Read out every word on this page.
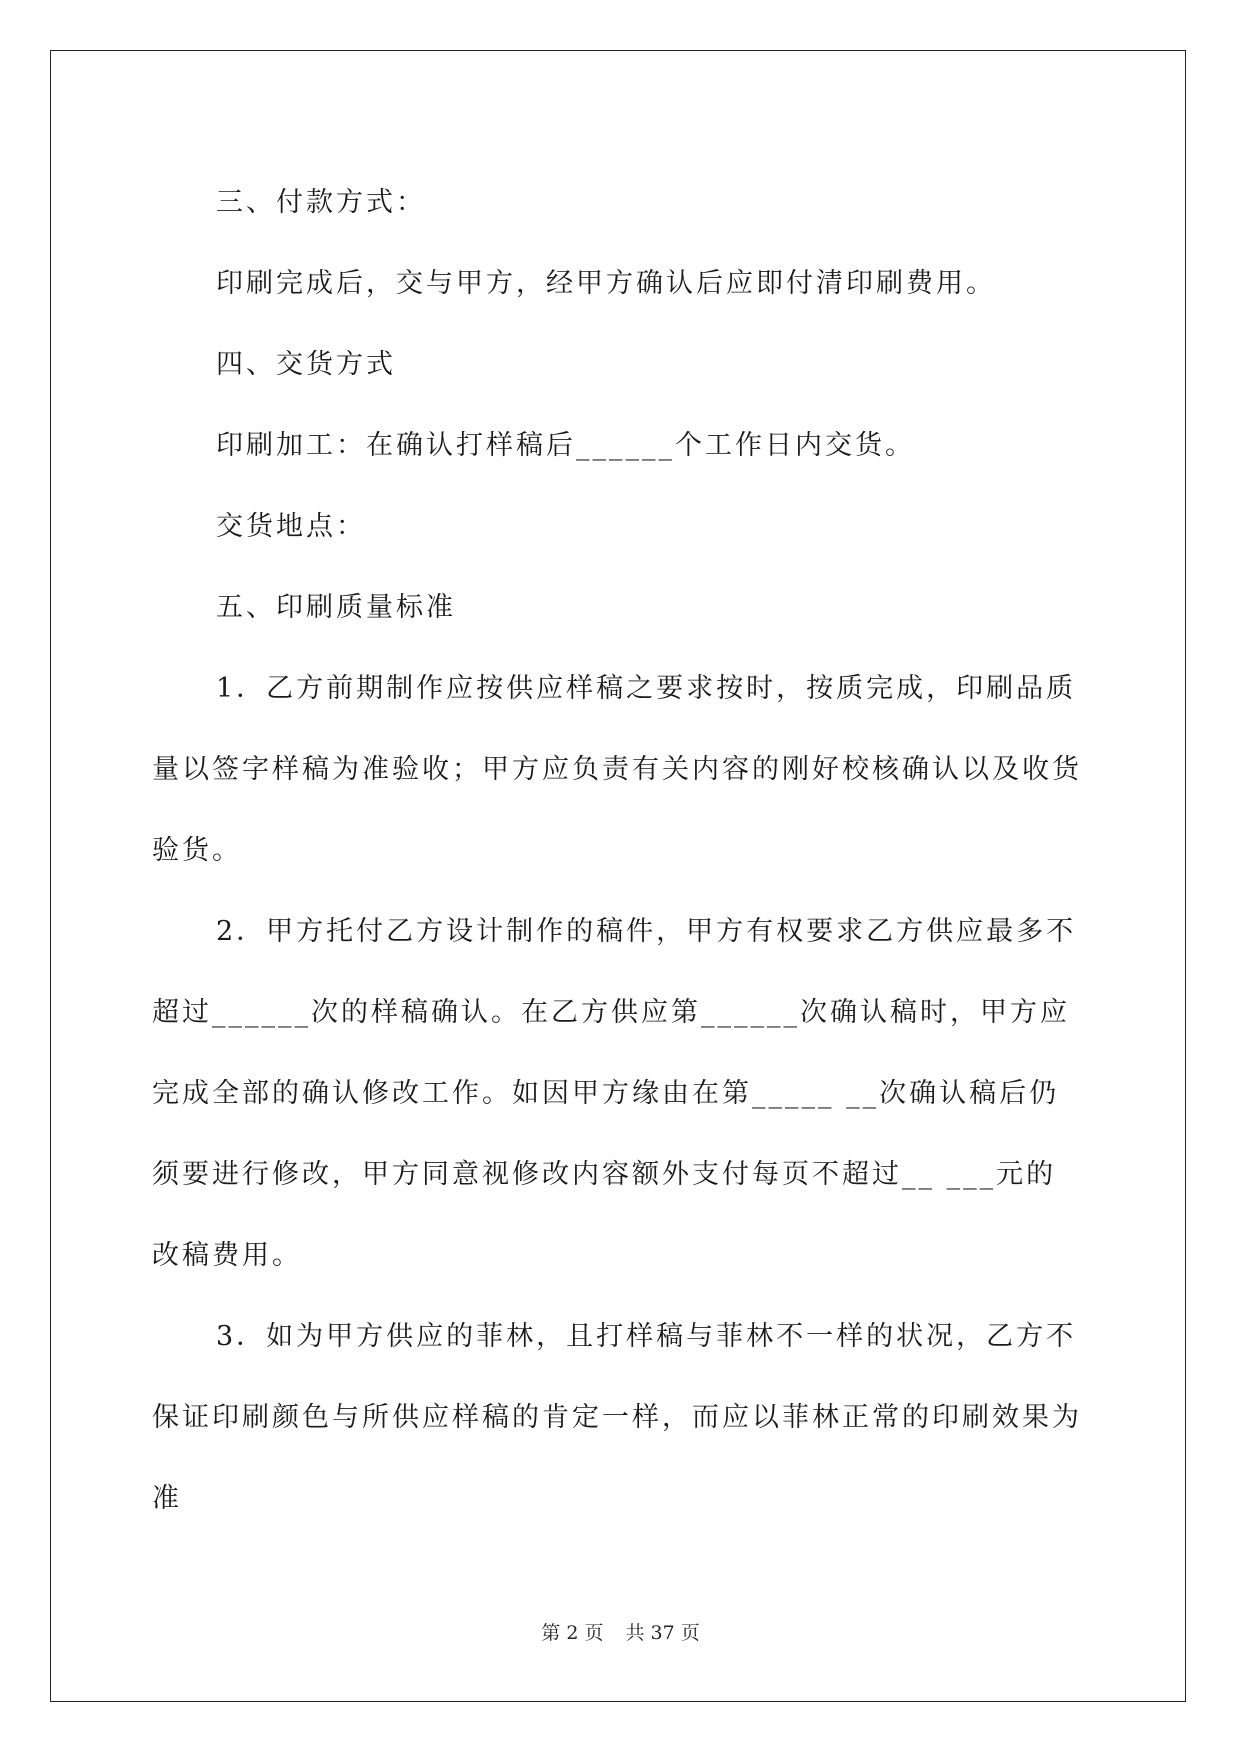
三、付款方式：

印刷完成后，交与甲方，经甲方确认后应即付清印刷费用。

四、交货方式

印刷加工：在确认打样稿后______个工作日内交货。

交货地点：

五、印刷质量标准

1．乙方前期制作应按供应样稿之要求按时，按质完成，印刷品质量以签字样稿为准验收；甲方应负责有关内容的刚好校核确认以及收货验货。

2．甲方托付乙方设计制作的稿件，甲方有权要求乙方供应最多不超过______次的样稿确认。在乙方供应第______次确认稿时，甲方应完成全部的确认修改工作。如因甲方缘由在第_____ __次确认稿后仍须要进行修改，甲方同意视修改内容额外支付每页不超过__ ___元的改稿费用。

3．如为甲方供应的菲林，且打样稿与菲林不一样的状况，乙方不保证印刷颜色与所供应样稿的肯定一样，而应以菲林正常的印刷效果为准

第 2 页 共 37 页
